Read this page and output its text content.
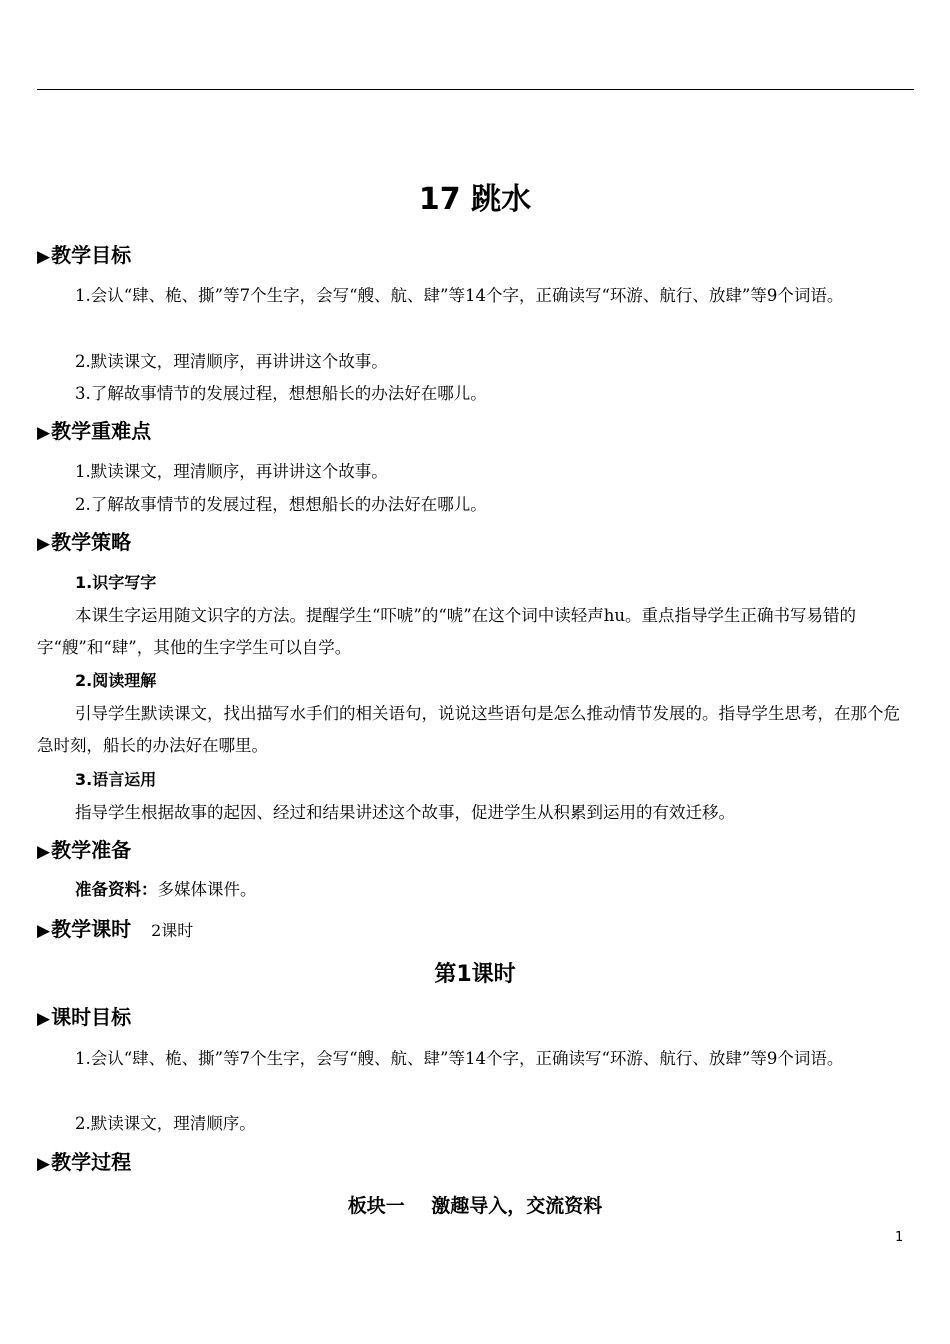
17 跳水
▶教学目标
1.会认“肆、桅、撕”等7个生字，会写“艘、航、肆”等14个字，正确读写“环游、航行、放肆”等9个词语。
2.默读课文，理清顺序，再讲讲这个故事。
3.了解故事情节的发展过程，想想船长的办法好在哪儿。
▶教学重难点
1.默读课文，理清顺序，再讲讲这个故事。
2.了解故事情节的发展过程，想想船长的办法好在哪儿。
▶教学策略
1.识字写字
本课生字运用随文识字的方法。提醒学生“吓唬”的“唬”在这个词中读轻声hu。重点指导学生正确书写易错的字“艘”和“肆”，其他的生字学生可以自学。
2.阅读理解
引导学生默读课文，找出描写水手们的相关语句，说说这些语句是怎么推动情节发展的。指导学生思考，在那个危急时刻，船长的办法好在哪里。
3.语言运用
指导学生根据故事的起因、经过和结果讲述这个故事，促进学生从积累到运用的有效迁移。
▶教学准备
准备资料：多媒体课件。
▶教学课时 2课时
第1课时
▶课时目标
1.会认“肆、桅、撕”等7个生字，会写“艘、航、肆”等14个字，正确读写“环游、航行、放肆”等9个词语。
2.默读课文，理清顺序。
▶教学过程
板块一    激趣导入，交流资料
1
